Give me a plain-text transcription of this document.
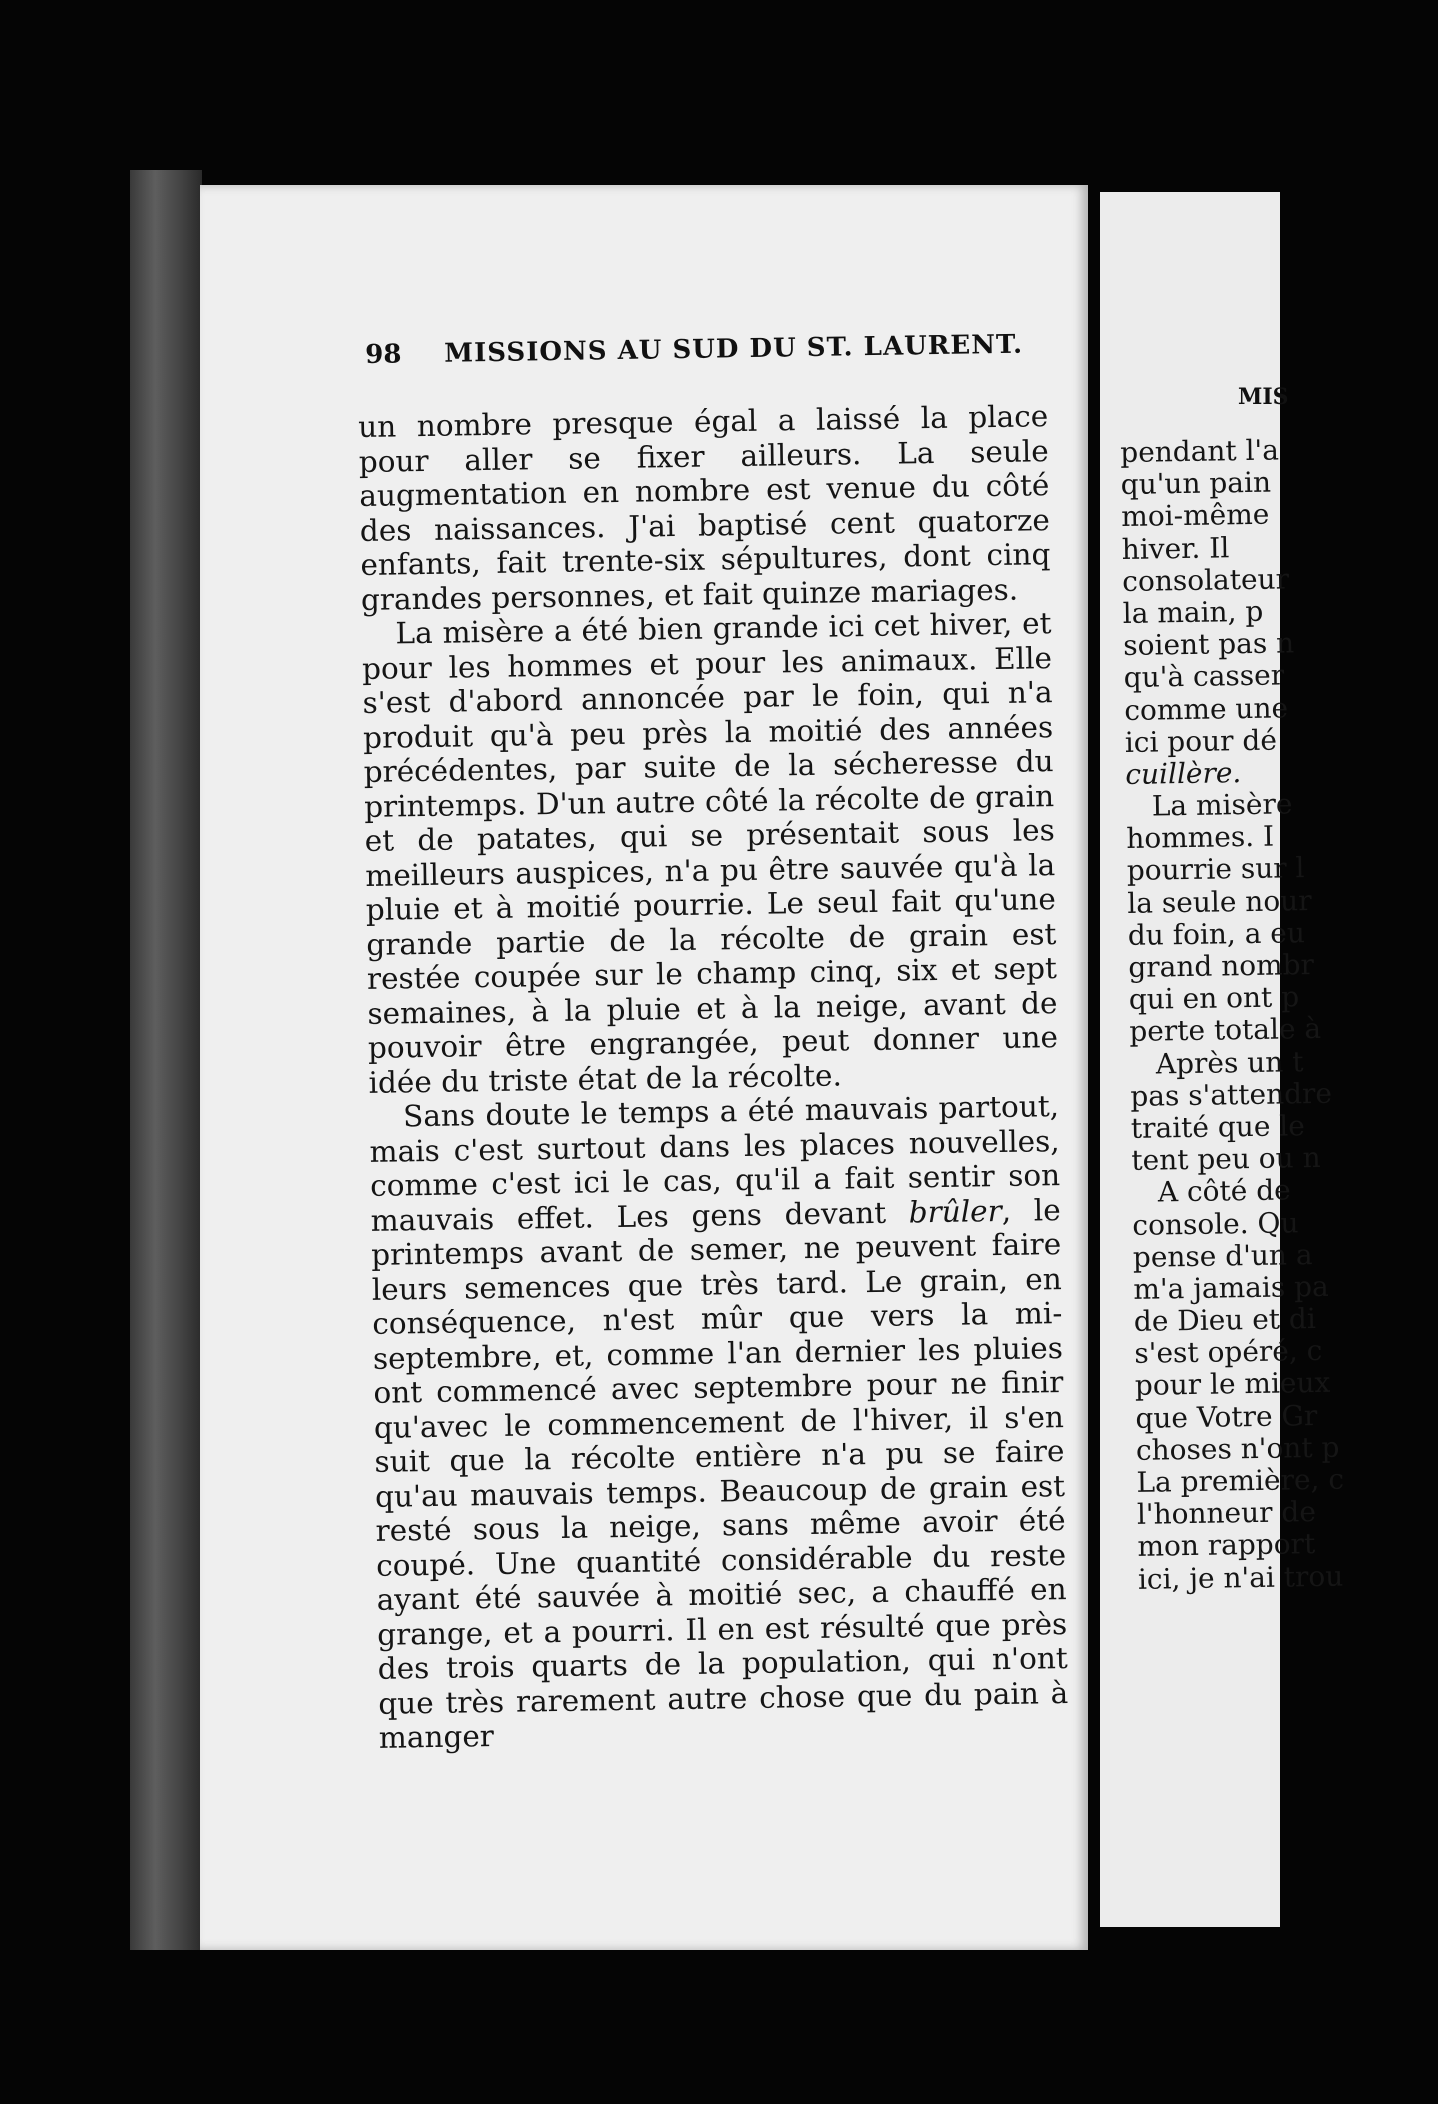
98 MISSIONS AU SUD DU ST. LAURENT.

un nombre presque égal a laissé la place pour aller se fixer ailleurs. La seule augmentation en nombre est venue du côté des naissances. J'ai baptisé cent quatorze enfants, fait trente-six sépultures, dont cinq grandes personnes, et fait quinze mariages.

La misère a été bien grande ici cet hiver, et pour les hommes et pour les animaux. Elle s'est d'abord annoncée par le foin, qui n'a produit qu'à peu près la moitié des années précédentes, par suite de la sécheresse du printemps. D'un autre côté la récolte de grain et de patates, qui se présentait sous les meilleurs auspices, n'a pu être sauvée qu'à la pluie et à moitié pourrie. Le seul fait qu'une grande partie de la récolte de grain est restée coupée sur le champ cinq, six et sept semaines, à la pluie et à la neige, avant de pouvoir être engrangée, peut donner une idée du triste état de la récolte.

Sans doute le temps a été mauvais partout, mais c'est surtout dans les places nouvelles, comme c'est ici le cas, qu'il a fait sentir son mauvais effet. Les gens devant brûler, le printemps avant de semer, ne peuvent faire leurs semences que très tard. Le grain, en conséquence, n'est mûr que vers la mi-septembre, et, comme l'an dernier les pluies ont commencé avec septembre pour ne finir qu'avec le commencement de l'hiver, il s'en suit que la récolte entière n'a pu se faire qu'au mauvais temps. Beaucoup de grain est resté sous la neige, sans même avoir été coupé. Une quantité considérable du reste ayant été sauvée à moitié sec, a chauffé en grange, et a pourri. Il en est résulté que près des trois quarts de la population, qui n'ont que très rarement autre chose que du pain à manger

MIS
pendant l'a
qu'un pain
moi-même
hiver. Il
consolateur
la main, p
soient pas n
qu'à casser
comme une
ici pour dé
cuillère.
La misère
hommes. I
pourrie sur l
la seule nour
du foin, a eu
grand nombr
qui en ont p
perte totale à
Après un t
pas s'attendre
traité que le
tent peu ou n
A côté de
console. Qu
pense d'un a
m'a jamais pa
de Dieu et di
s'est opéré, c
pour le mieux
que Votre Gr
choses n'ont p
La première, c
l'honneur de
mon rapport
ici, je n'ai trou
